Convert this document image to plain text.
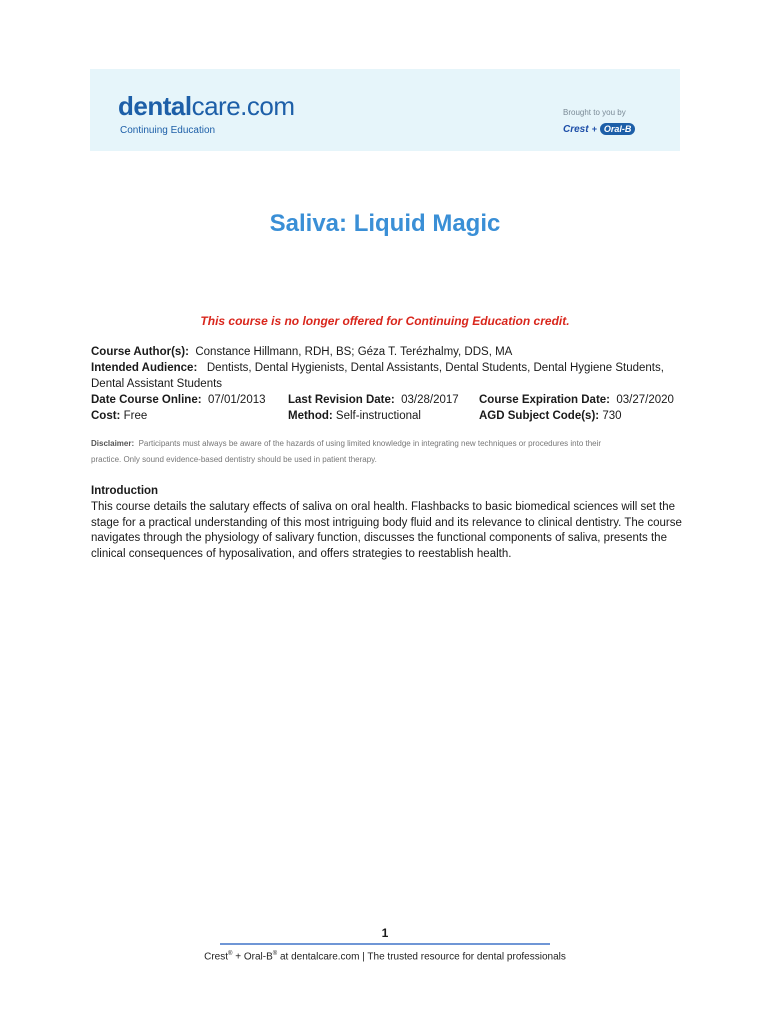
dentalcare.com
Continuing Education
Brought to you by
Crest + Oral-B
Saliva: Liquid Magic
This course is no longer offered for Continuing Education credit.
Course Author(s): Constance Hillmann, RDH, BS; Géza T. Terézhalmy, DDS, MA
Intended Audience: Dentists, Dental Hygienists, Dental Assistants, Dental Students, Dental Hygiene Students,
Dental Assistant Students
Date Course Online: 07/01/2013 Last Revision Date: 03/28/2017 Course Expiration Date: 03/27/2020
Cost: Free	Method: Self-instructional	AGD Subject Code(s): 730
Disclaimer: Participants must always be aware of the hazards of using limited knowledge in integrating new techniques or procedures into their
practice. Only sound evidence-based dentistry should be used in patient therapy.
Introduction
This course details the salutary effects of saliva on oral health. Flashbacks to basic biomedical sciences will set the stage for a practical understanding of this most intriguing body fluid and its relevance to clinical dentistry. The course navigates through the physiology of salivary function, discusses the functional components of saliva, presents the clinical consequences of hyposalivation, and offers strategies to reestablish health.
1
Crest® + Oral-B® at dentalcare.com | The trusted resource for dental professionals
